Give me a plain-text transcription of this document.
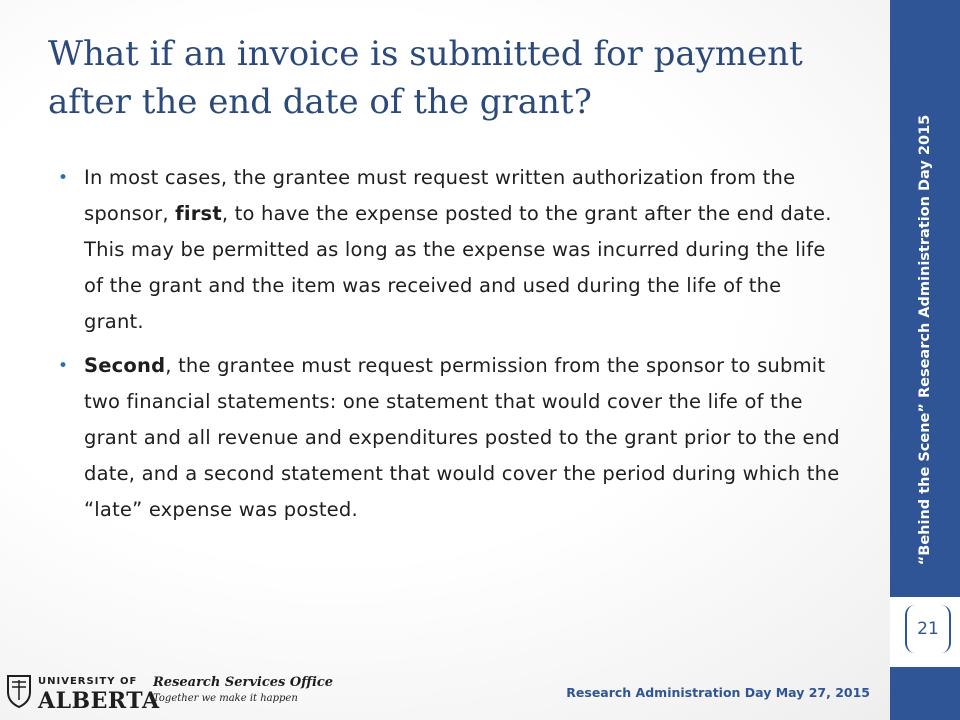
What if an invoice is submitted for payment after the end date of the grant?
• In most cases, the grantee must request written authorization from the sponsor, first, to have the expense posted to the grant after the end date. This may be permitted as long as the expense was incurred during the life of the grant and the item was received and used during the life of the grant.
• Second, the grantee must request permission from the sponsor to submit two financial statements: one statement that would cover the life of the grant and all revenue and expenditures posted to the grant prior to the end date, and a second statement that would cover the period during which the “late” expense was posted.	“Behind the Scene” Research Administration Day 2015
21
UNIVERSITY OF
ALBERTA
Research Services Office
Together we make it happen	Research Administration Day May 27, 2015
